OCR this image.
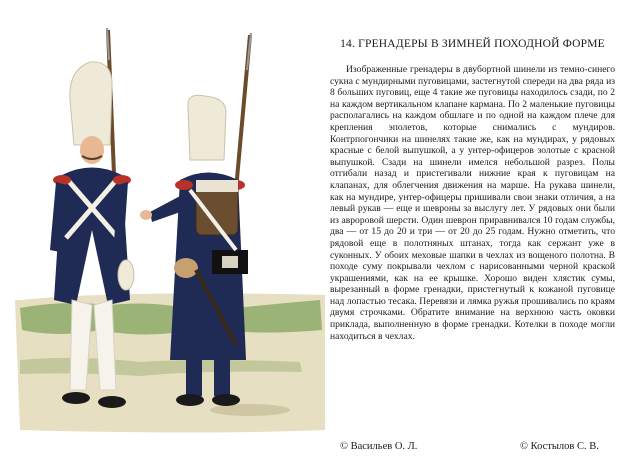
14. ГРЕНАДЕРЫ В ЗИМНЕЙ ПОХОДНОЙ ФОРМЕ

Изображенные гренадеры в двубортной шинели из темно-синего сукна с мундирными пуговицами, застегнутой спереди на два ряда из 8 больших пуговиц, еще 4 такие же пуговицы находилось сзади, по 2 на каждом вертикальном клапане кармана. По 2 маленькие пуговицы располагались на каждом обшлаге и по одной на каждом плече для крепления эполетов, которые снимались с мундиров. Контрпогончики на шинелях такие же, как на мундирах, у рядовых красные с белой выпушкой, а у унтер-офицеров золотые с красной выпушкой. Сзади на шинели имелся небольшой разрез. Полы отгибали назад и пристегивали нижние края к пуговицам на клапанах, для облегчения движения на марше. На рукава шинели, как на мундире, унтер-офицеры пришивали свои знаки отличия, а на левый рукав — еще и шевроны за выслугу лет. У рядовых они были из авроровой шерсти. Один шеврон приравнивался 10 годам службы, два — от 15 до 20 и три — от 20 до 25 годам. Нужно отметить, что рядовой еще в полотняных штанах, тогда как сержант уже в суконных. У обоих меховые шапки в чехлах из вощеного полотна. В походе суму покрывали чехлом с нарисованными черной краской украшениями, как на ее крышке. Хорошо виден хлястик сумы, вырезанный в форме гренадки, пристегнутый к кожаной пуговице над лопастью тесака. Перевязи и лямка ружья прошивались по краям двумя строчками. Обратите внимание на верхнюю часть оковки приклада, выполненную в форме гренадки. Котелки в походе могли находиться в чехлах.

© Васильев О. Л.	© Костылов С. В.
